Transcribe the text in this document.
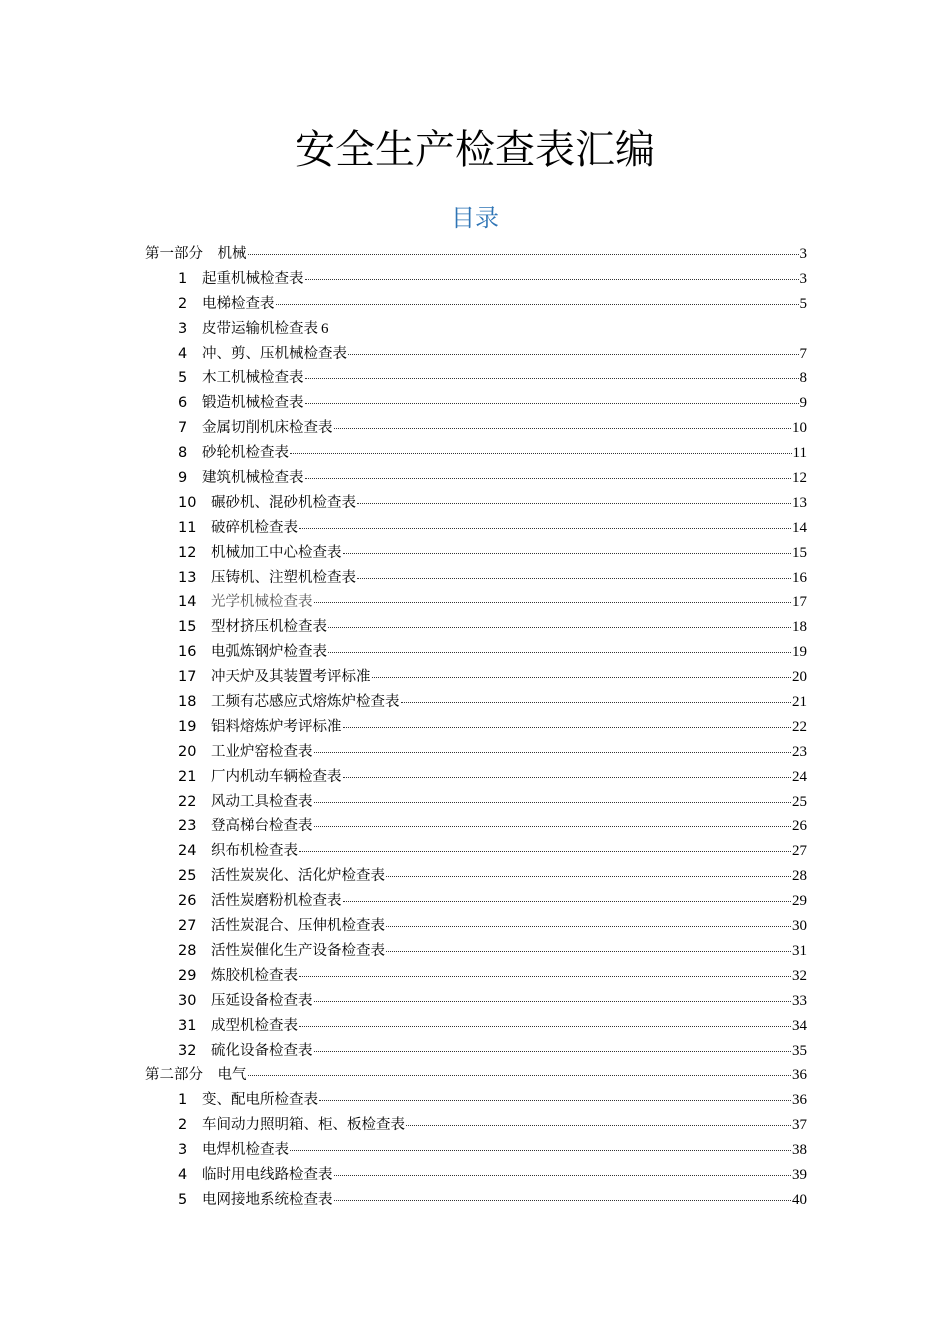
安全生产检查表汇编
目录
第一部分　机械	3
1	起重机械检查表	3
2	电梯检查表	5
3	皮带运输机检查表 6
4	冲、剪、压机械检查表	7
5	木工机械检查表	8
6	锻造机械检查表	9
7	金属切削机床检查表	10
8	砂轮机检查表	11
9	建筑机械检查表	12
10	碾砂机、混砂机检查表	13
11	破碎机检查表	14
12	机械加工中心检查表	15
13	压铸机、注塑机检查表	16
14	光学机械检查表	17
15	型材挤压机检查表	18
16	电弧炼钢炉检查表	19
17	冲天炉及其装置考评标准	20
18	工频有芯感应式熔炼炉检查表	21
19	铝料熔炼炉考评标准	22
20	工业炉窑检查表	23
21	厂内机动车辆检查表	24
22	风动工具检查表	25
23	登高梯台检查表	26
24	织布机检查表	27
25	活性炭炭化、活化炉检查表	28
26	活性炭磨粉机检查表	29
27	活性炭混合、压伸机检查表	30
28	活性炭催化生产设备检查表	31
29	炼胶机检查表	32
30	压延设备检查表	33
31	成型机检查表	34
32	硫化设备检查表	35
第二部分　电气	36
1	变、配电所检查表	36
2	车间动力照明箱、柜、板检查表	37
3	电焊机检查表	38
4	临时用电线路检查表	39
5	电网接地系统检查表	40
